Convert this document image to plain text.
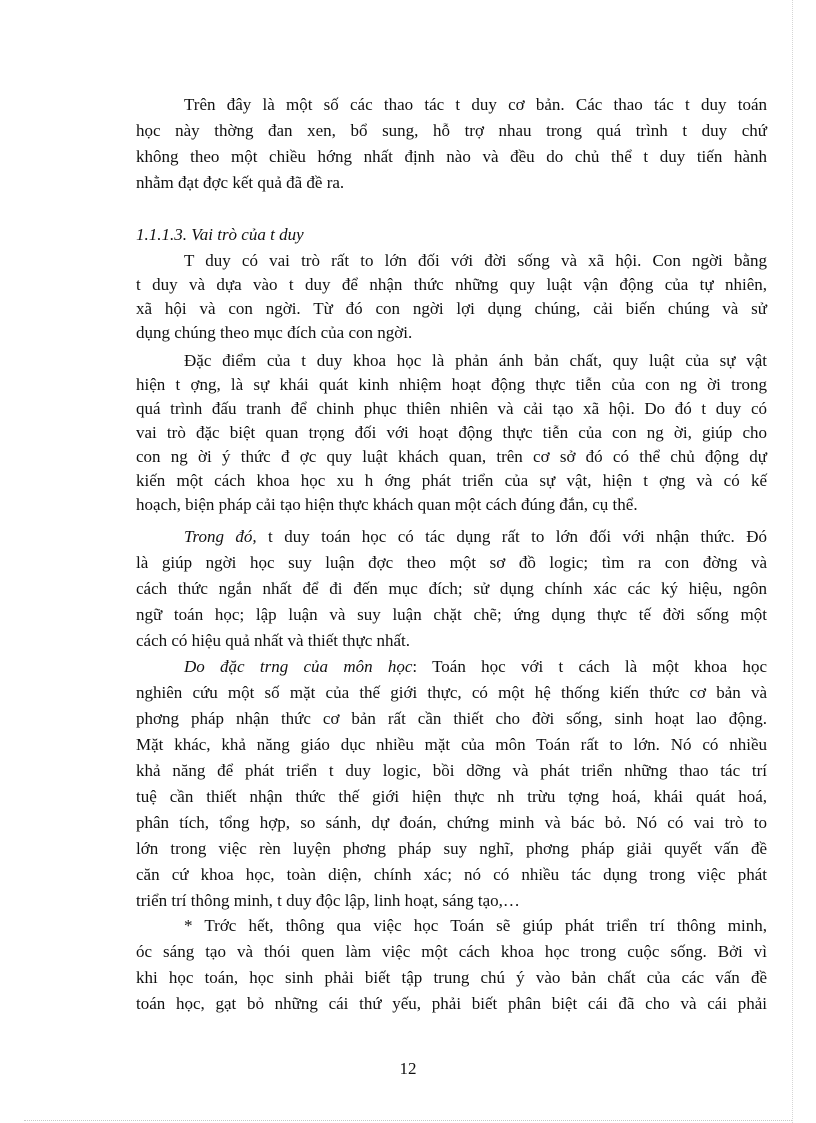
Trên đây là một số các thao tác t duy cơ bản. Các thao tác t duy toán
học này thờng đan xen, bổ sung, hỗ trợ nhau trong quá trình t duy chứ
không theo một chiều hớng nhất định nào và đều do chủ thể t duy tiến hành
nhằm đạt đợc kết quả đã đề ra.
1.1.1.3. Vai trò của t duy
T duy có vai trò rất to lớn đối với đời sống và xã hội. Con ngời bằng
t duy và dựa vào t duy để nhận thức những quy luật vận động của tự nhiên,
xã hội và con ngời. Từ đó con ngời lợi dụng chúng, cải biến chúng và sử
dụng chúng theo mục đích của con ngời.
Đặc điểm của t duy khoa học là phản ánh bản chất, quy luật của sự vật
hiện t ợng, là sự khái quát kinh nhiệm hoạt động thực tiễn của con ng ời trong
quá trình đấu tranh để chinh phục thiên nhiên và cải tạo xã hội. Do đó t duy có
vai trò đặc biệt quan trọng đối với hoạt động thực tiễn của con ng ời, giúp cho
con ng ời ý thức đ ợc quy luật khách quan, trên cơ sở đó có thể chủ động dự
kiến một cách khoa học xu h ớng phát triển của sự vật, hiện t ợng và có kế
hoạch, biện pháp cải tạo hiện thực khách quan một cách đúng đắn, cụ thể.
Trong đó, t duy toán học có tác dụng rất to lớn đối với nhận thức. Đó
là giúp ngời học suy luận đợc theo một sơ đồ logic; tìm ra con đờng và
cách thức ngắn nhất để đi đến mục đích; sử dụng chính xác các ký hiệu, ngôn
ngữ toán học; lập luận và suy luận chặt chẽ; ứng dụng thực tế đời sống một
cách có hiệu quả nhất và thiết thực nhất.
Do đặc trng của môn học: Toán học với t cách là một khoa học
nghiên cứu một số mặt của thế giới thực, có một hệ thống kiến thức cơ bản và
phơng pháp nhận thức cơ bản rất cần thiết cho đời sống, sinh hoạt lao động.
Mặt khác, khả năng giáo dục nhiều mặt của môn Toán rất to lớn. Nó có nhiều
khả năng để phát triển t duy logic, bồi dỡng và phát triển những thao tác trí
tuệ cần thiết nhận thức thế giới hiện thực nh trừu tợng hoá, khái quát hoá,
phân tích, tổng hợp, so sánh, dự đoán, chứng minh và bác bỏ. Nó có vai trò to
lớn trong việc rèn luyện phơng pháp suy nghĩ, phơng pháp giải quyết vấn đề
căn cứ khoa học, toàn diện, chính xác; nó có nhiều tác dụng trong việc phát
triển trí thông minh, t duy độc lập, linh hoạt, sáng tạo,…
* Trớc hết, thông qua việc học Toán sẽ giúp phát triển trí thông minh,
óc sáng tạo và thói quen làm việc một cách khoa học trong cuộc sống. Bởi vì
khi học toán, học sinh phải biết tập trung chú ý vào bản chất của các vấn đề
toán học, gạt bỏ những cái thứ yếu, phải biết phân biệt cái đã cho và cái phải
12
